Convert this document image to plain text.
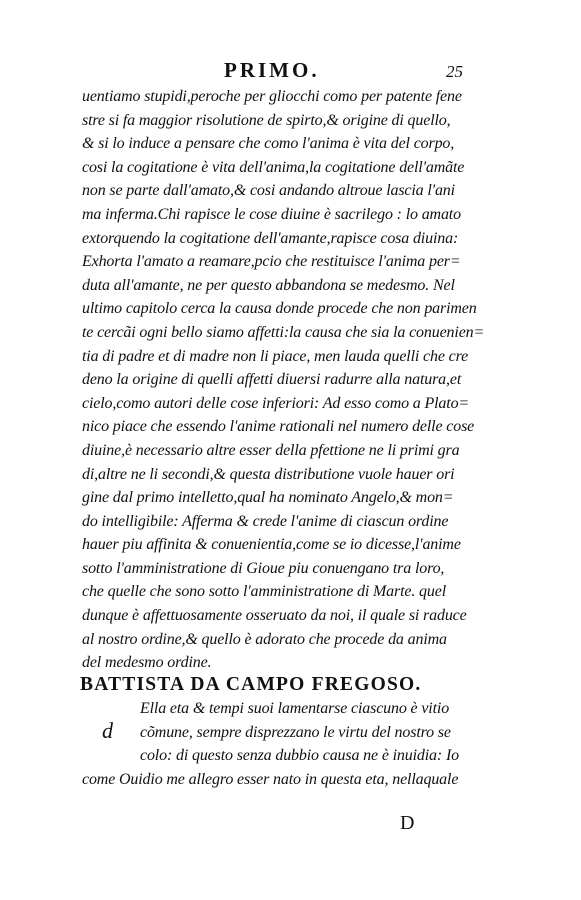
PRIMO.	25
uentiamo stupidi,peroche per gliocchi como per patente fene
stre si fa maggior risolutione de spirto,& origine di quello,
& si lo induce a pensare che como l'anima è vita del corpo,
cosi la cogitatione è vita dell'anima,la cogitatione dell'amãte
non se parte dall'amato,& cosi andando altroue lascia l'ani
ma inferma.Chi rapisce le cose diuine è sacrilego : lo amato
extorquendo la cogitatione dell'amante,rapisce cosa diuina:
Exhorta l'amato a reamare,pcio che restituisce l'anima per=
duta all'amante, ne per questo abbandona se medesmo. Nel
ultimo capitolo cerca la causa donde procede che non parimen
te cercãi ogni bello siamo affetti:la causa che sia la conuenien=
tia di padre et di madre non li piace, men lauda quelli che cre
deno la origine di quelli affetti diuersi radurre alla natura,et
cielo,como autori delle cose inferiori: Ad esso como a Plato=
nico piace che essendo l'anime rationali nel numero delle cose
diuine,è necessario altre esser della pfettione ne li primi gra
di,altre ne li secondi,& questa distributione vuole hauer ori
gine dal primo intelletto,qual ha nominato Angelo,& mon=
do intelligibile: Afferma & crede l'anime di ciascun ordine
hauer piu affinita & conuenientia,come se io dicesse,l'anime
sotto l'amministratione di Gioue piu conuengano tra loro,
che quelle che sono sotto l'amministratione di Marte. quel
dunque è affettuosamente osseruato da noi, il quale si raduce
al nostro ordine,& quello è adorato che procede da anima
del medesmo ordine.
BATTISTA DA CAMPO FREGOSO.
d
Ella eta & tempi suoi lamentarse ciascuno è vitio
cõmune, sempre disprezzano le virtu del nostro se
colo: di questo senza dubbio causa ne è inuidia: Io
come Ouidio me allegro esser nato in questa eta, nellaquale
D
